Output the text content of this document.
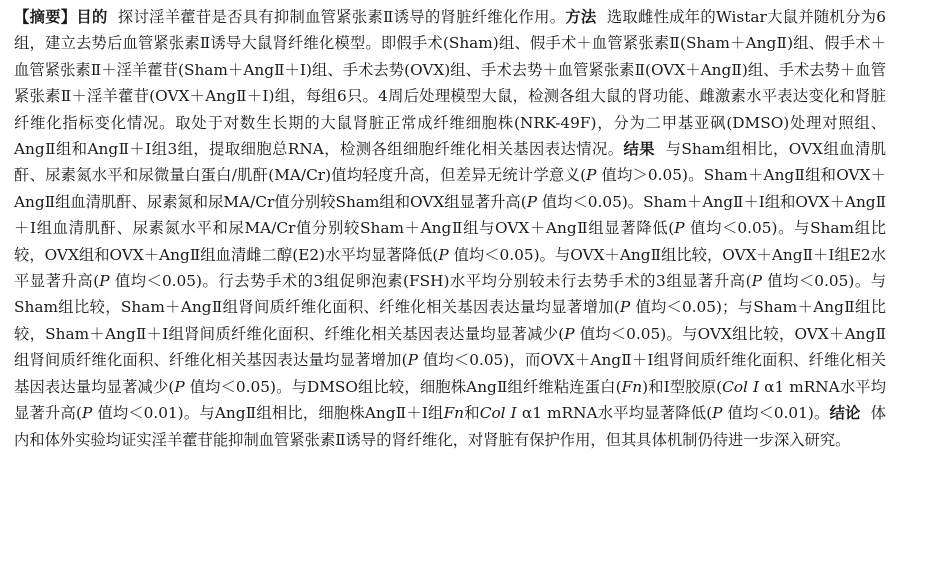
【摘要】目的  探讨淫羊藿苷是否具有抑制血管紧张素Ⅱ诱导的肾脏纤维化作用。方法  选取雌性成年的Wistar大鼠并随机分为6组，建立去势后血管紧张素Ⅱ诱导大鼠肾纤维化模型。即假手术(Sham)组、假手术＋血管紧张素Ⅱ(Sham＋AngⅡ)组、假手术＋血管紧张素Ⅱ＋淫羊藿苷(Sham＋AngⅡ＋I)组、手术去势(OVX)组、手术去势＋血管紧张素Ⅱ(OVX＋AngⅡ)组、手术去势＋血管紧张素Ⅱ＋淫羊藿苷(OVX＋AngⅡ＋I)组，每组6只。4周后处理模型大鼠，检测各组大鼠的肾功能、雌激素水平表达变化和肾脏纤维化指标变化情况。取处于对数生长期的大鼠肾脏正常成纤维细胞株(NRK-49F)，分为二甲基亚砜(DMSO)处理对照组、AngⅡ组和AngⅡ＋I组3组，提取细胞总RNA，检测各组细胞纤维化相关基因表达情况。结果  与Sham组相比，OVX组血清肌酐、尿素氮水平和尿微量白蛋白/肌酐(MA/Cr)值均轻度升高，但差异无统计学意义(P 值均＞0.05)。Sham＋AngⅡ组和OVX＋AngⅡ组血清肌酐、尿素氮和尿MA/Cr值分别较Sham组和OVX组显著升高(P 值均＜0.05)。Sham＋AngⅡ＋I组和OVX＋AngⅡ＋I组血清肌酐、尿素氮水平和尿MA/Cr值分别较Sham＋AngⅡ组与OVX＋AngⅡ组显著降低(P 值均＜0.05)。与Sham组比较，OVX组和OVX＋AngⅡ组血清雌二醇(E2)水平均显著降低(P 值均＜0.05)。与OVX＋AngⅡ组比较，OVX＋AngⅡ＋I组E2水平显著升高(P 值均＜0.05)。行去势手术的3组促卵泡素(FSH)水平均分别较未行去势手术的3组显著升高(P 值均＜0.05)。与Sham组比较，Sham＋AngⅡ组肾间质纤维化面积、纤维化相关基因表达量均显著增加(P 值均＜0.05)；与Sham＋AngⅡ组比较，Sham＋AngⅡ＋I组肾间质纤维化面积、纤维化相关基因表达量均显著减少(P 值均＜0.05)。与OVX组比较，OVX＋AngⅡ组肾间质纤维化面积、纤维化相关基因表达量均显著增加(P 值均＜0.05)，而OVX＋AngⅡ＋I组肾间质纤维化面积、纤维化相关基因表达量均显著减少(P 值均＜0.05)。与DMSO组比较，细胞株AngⅡ组纤维粘连蛋白(Fn)和Ⅰ型胶原(Col Ⅰ α1 mRNA水平均显著升高(P 值均＜0.01)。与AngⅡ组相比，细胞株AngⅡ＋I组Fn和Col Ⅰ α1 mRNA水平均显著降低(P 值均＜0.01)。结论  体内和体外实验均证实淫羊藿苷能抑制血管紧张素Ⅱ诱导的肾纤维化，对肾脏有保护作用，但其具体机制仍待进一步深入研究。
